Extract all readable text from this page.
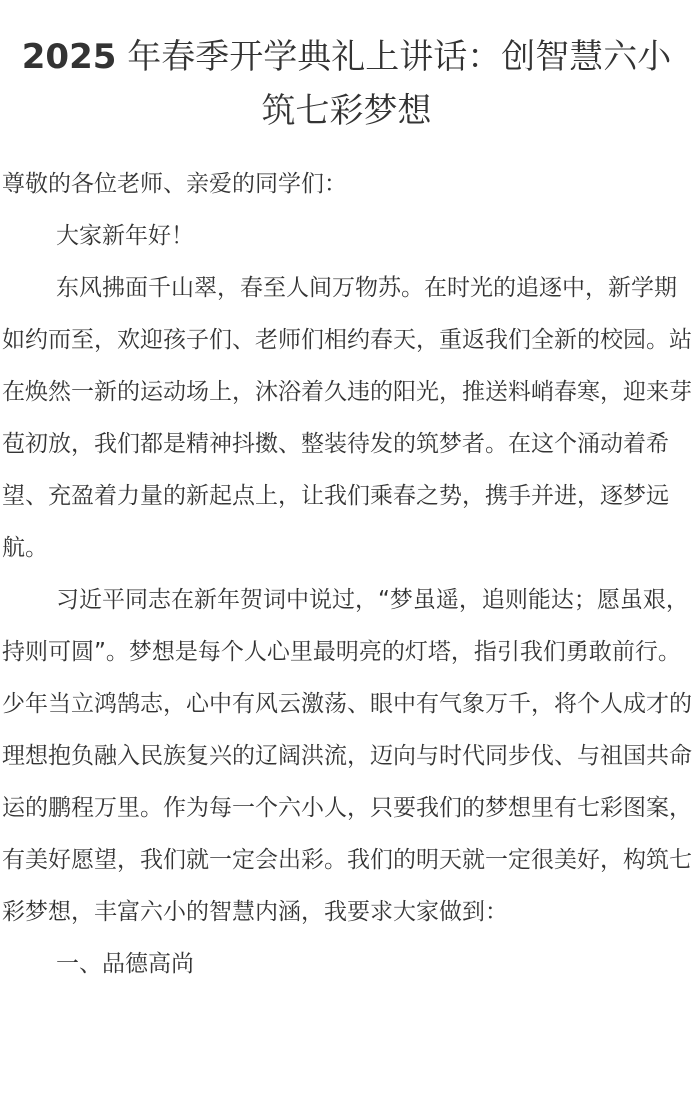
2025 年春季开学典礼上讲话：创智慧六小
筑七彩梦想

尊敬的各位老师、亲爱的同学们：

大家新年好！

东风拂面千山翠，春至人间万物苏。在时光的追逐中，新学期如约而至，欢迎孩子们、老师们相约春天，重返我们全新的校园。站在焕然一新的运动场上，沐浴着久违的阳光，推送料峭春寒，迎来芽苞初放，我们都是精神抖擞、整装待发的筑梦者。在这个涌动着希望、充盈着力量的新起点上，让我们乘春之势，携手并进，逐梦远航。

习近平同志在新年贺词中说过，“梦虽遥，追则能达；愿虽艰，持则可圆”。梦想是每个人心里最明亮的灯塔，指引我们勇敢前行。少年当立鸿鹄志，心中有风云激荡、眼中有气象万千，将个人成才的理想抱负融入民族复兴的辽阔洪流，迈向与时代同步伐、与祖国共命运的鹏程万里。作为每一个六小人，只要我们的梦想里有七彩图案，有美好愿望，我们就一定会出彩。我们的明天就一定很美好，构筑七彩梦想，丰富六小的智慧内涵，我要求大家做到：

一、品德高尚
